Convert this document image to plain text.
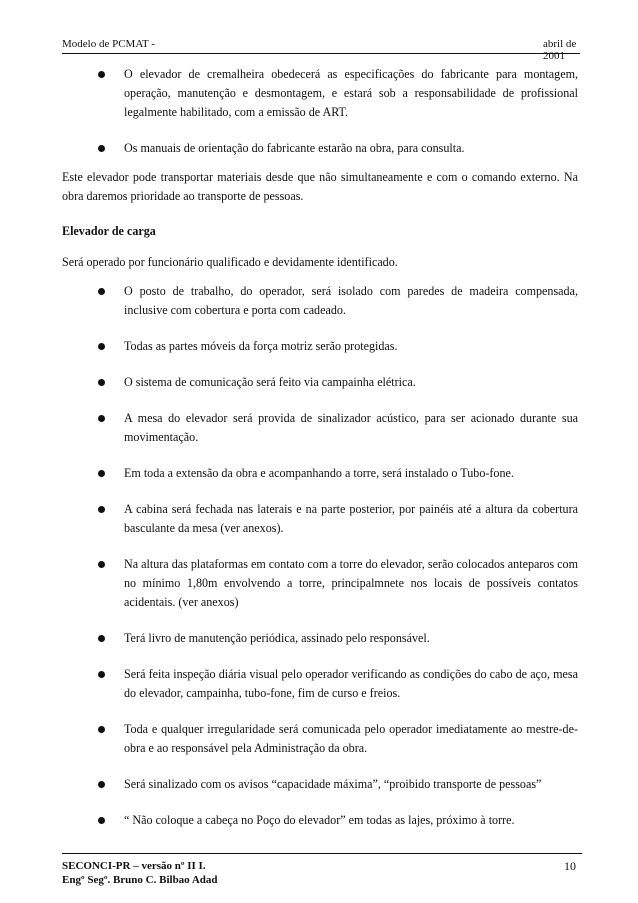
Modelo de PCMAT -	abril de 2001

O elevador de cremalheira obedecerá as especificações do fabricante para montagem, operação, manutenção e desmontagem, e estará sob a responsabilidade de profissional legalmente habilitado, com a emissão de ART.
Os manuais de orientação do fabricante estarão na obra, para consulta.

Este elevador pode transportar materiais desde que não simultaneamente e com o comando externo. Na obra daremos prioridade ao transporte de pessoas.

Elevador de carga

Será operado por funcionário qualificado e devidamente identificado.

O posto de trabalho, do operador, será isolado com paredes de madeira compensada, inclusive com cobertura e porta com cadeado.
Todas as partes móveis da força motriz serão protegidas.
O sistema de comunicação será feito via campainha elétrica.
A mesa do elevador será provida de sinalizador acústico, para ser acionado durante sua movimentação.
Em toda a extensão da obra e acompanhando a torre, será instalado o Tubo-fone.
A cabina será fechada nas laterais e na parte posterior, por painéis até a altura da cobertura basculante da mesa (ver anexos).
Na altura das plataformas em contato com a torre do elevador, serão colocados anteparos com no mínimo 1,80m envolvendo a torre, principalmnete nos locais de possíveis contatos acidentais. (ver anexos)
Terá livro de manutenção periódica, assinado pelo responsável.
Será feita inspeção diária visual pelo operador verificando as condições do cabo de aço, mesa do elevador, campainha, tubo-fone, fim de curso e freios.
Toda e qualquer irregularidade será comunicada pelo operador imediatamente ao mestre-de-obra e ao responsável pela Administração da obra.
Será sinalizado com os avisos “capacidade máxima”, “proibido transporte de pessoas”
“ Não coloque a cabeça no Poço do elevador” em todas as lajes, próximo à torre.
SECONCI-PR – versão nº II I.
Engº Segº. Bruno C. Bilbao Adad
10
